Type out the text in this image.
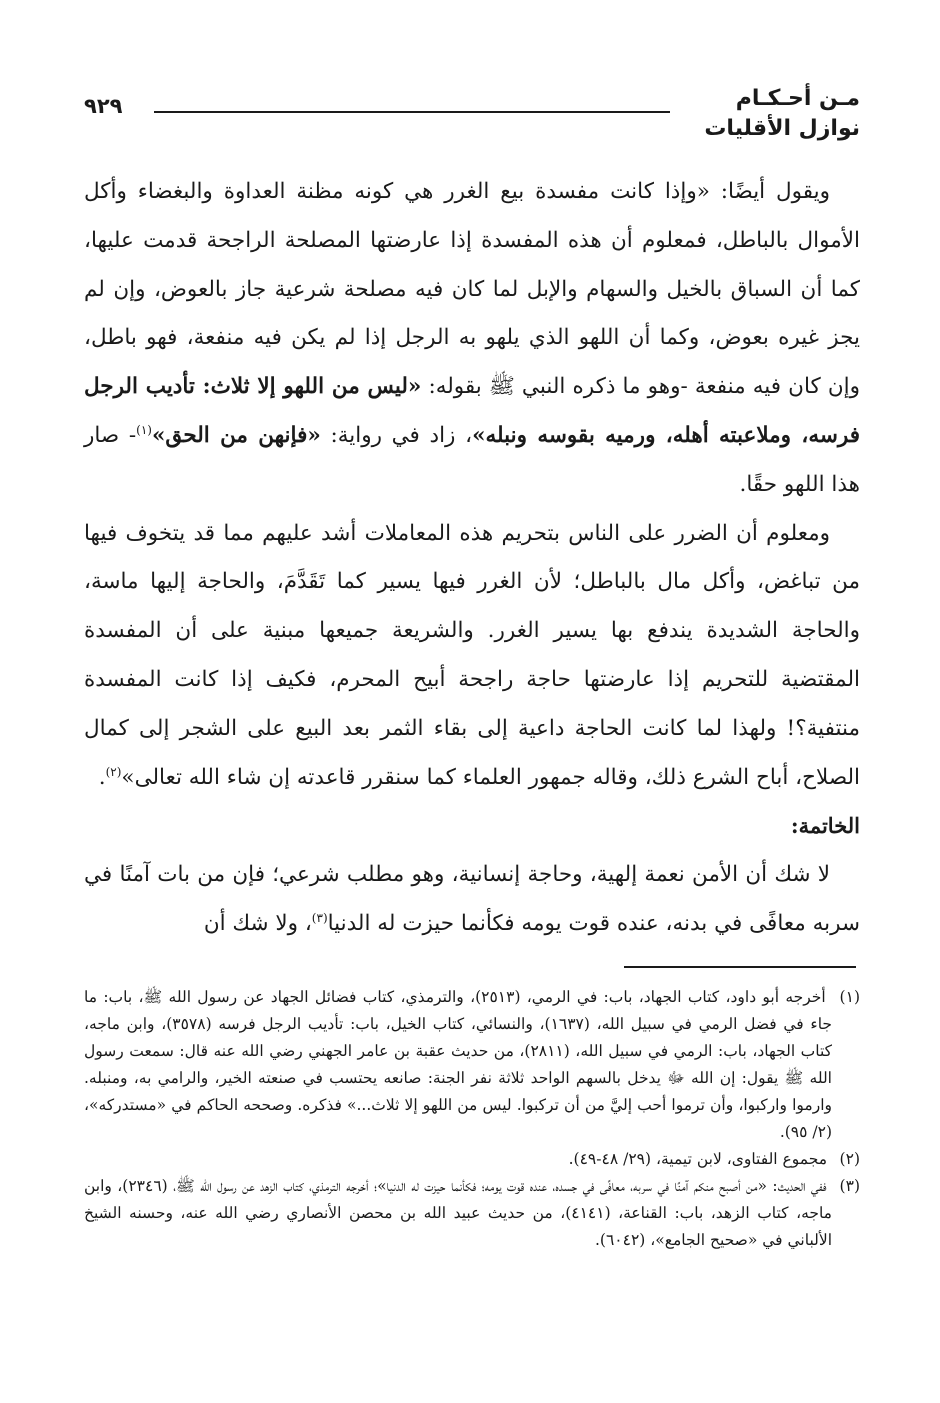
مـن أحـكـام
نوازل الأقليات
٩٢٩

ويقول أيضًا: «وإذا كانت مفسدة بيع الغرر هي كونه مظنة العداوة والبغضاء وأكل الأموال بالباطل، فمعلوم أن هذه المفسدة إذا عارضتها المصلحة الراجحة قدمت عليها، كما أن السباق بالخيل والسهام والإبل لما كان فيه مصلحة شرعية جاز بالعوض، وإن لم يجز غيره بعوض، وكما أن اللهو الذي يلهو به الرجل إذا لم يكن فيه منفعة، فهو باطل، وإن كان فيه منفعة -وهو ما ذكره النبي ﷺ بقوله: «ليس من اللهو إلا ثلاث: تأديب الرجل فرسه، وملاعبته أهله، ورميه بقوسه ونبله»، زاد في رواية: «فإنهن من الحق»$^{(١)}$- صار هذا اللهو حقًا.

ومعلوم أن الضرر على الناس بتحريم هذه المعاملات أشد عليهم مما قد يتخوف فيها من تباغض، وأكل مال بالباطل؛ لأن الغرر فيها يسير كما تَقَدَّمَ، والحاجة إليها ماسة، والحاجة الشديدة يندفع بها يسير الغرر. والشريعة جميعها مبنية على أن المفسدة المقتضية للتحريم إذا عارضتها حاجة راجحة أبيح المحرم، فكيف إذا كانت المفسدة منتفية؟! ولهذا لما كانت الحاجة داعية إلى بقاء الثمر بعد البيع على الشجر إلى كمال الصلاح، أباح الشرع ذلك، وقاله جمهور العلماء كما سنقرر قاعدته إن شاء الله تعالى»$^{(٢)}$.

الخاتمة:

لا شك أن الأمن نعمة إلهية، وحاجة إنسانية، وهو مطلب شرعي؛ فإن من بات آمنًا في سربه معافًى في بدنه، عنده قوت يومه فكأنما حيزت له الدنيا$^{(٣)}$، ولا شك أن

(١) أخرجه أبو داود، كتاب الجهاد، باب: في الرمي، (٢٥١٣)، والترمذي، كتاب فضائل الجهاد عن رسول الله ﷺ، باب: ما جاء في فضل الرمي في سبيل الله، (١٦٣٧)، والنسائي، كتاب الخيل، باب: تأديب الرجل فرسه (٣٥٧٨)، وابن ماجه، كتاب الجهاد، باب: الرمي في سبيل الله، (٢٨١١)، من حديث عقبة بن عامر الجهني رضي الله عنه قال: سمعت رسول الله ﷺ يقول: إن الله ﷻ يدخل بالسهم الواحد ثلاثة نفر الجنة: صانعه يحتسب في صنعته الخير، والرامي به، ومنبله. وارموا واركبوا، وأن ترموا أحب إليَّ من أن تركبوا. ليس من اللهو إلا ثلاث...» فذكره. وصححه الحاكم في «مستدركه»، (٢/ ٩٥).

(٢) مجموع الفتاوى، لابن تيمية، (٢٩/ ٤٨-٤٩).

(٣) ففي الحديث: «من أصبح منكم آمنًا في سربه، معافًى في جسده، عنده قوت يومه؛ فكأنما حيزت له الدنيا»؛ أخرجه الترمذي، كتاب الزهد عن رسول الله ﷺ، (٢٣٤٦)، وابن ماجه، كتاب الزهد، باب: القناعة، (٤١٤١)، من حديث عبيد الله بن محصن الأنصاري رضي الله عنه، وحسنه الشيخ الألباني في «صحيح الجامع»، (٦٠٤٢).
